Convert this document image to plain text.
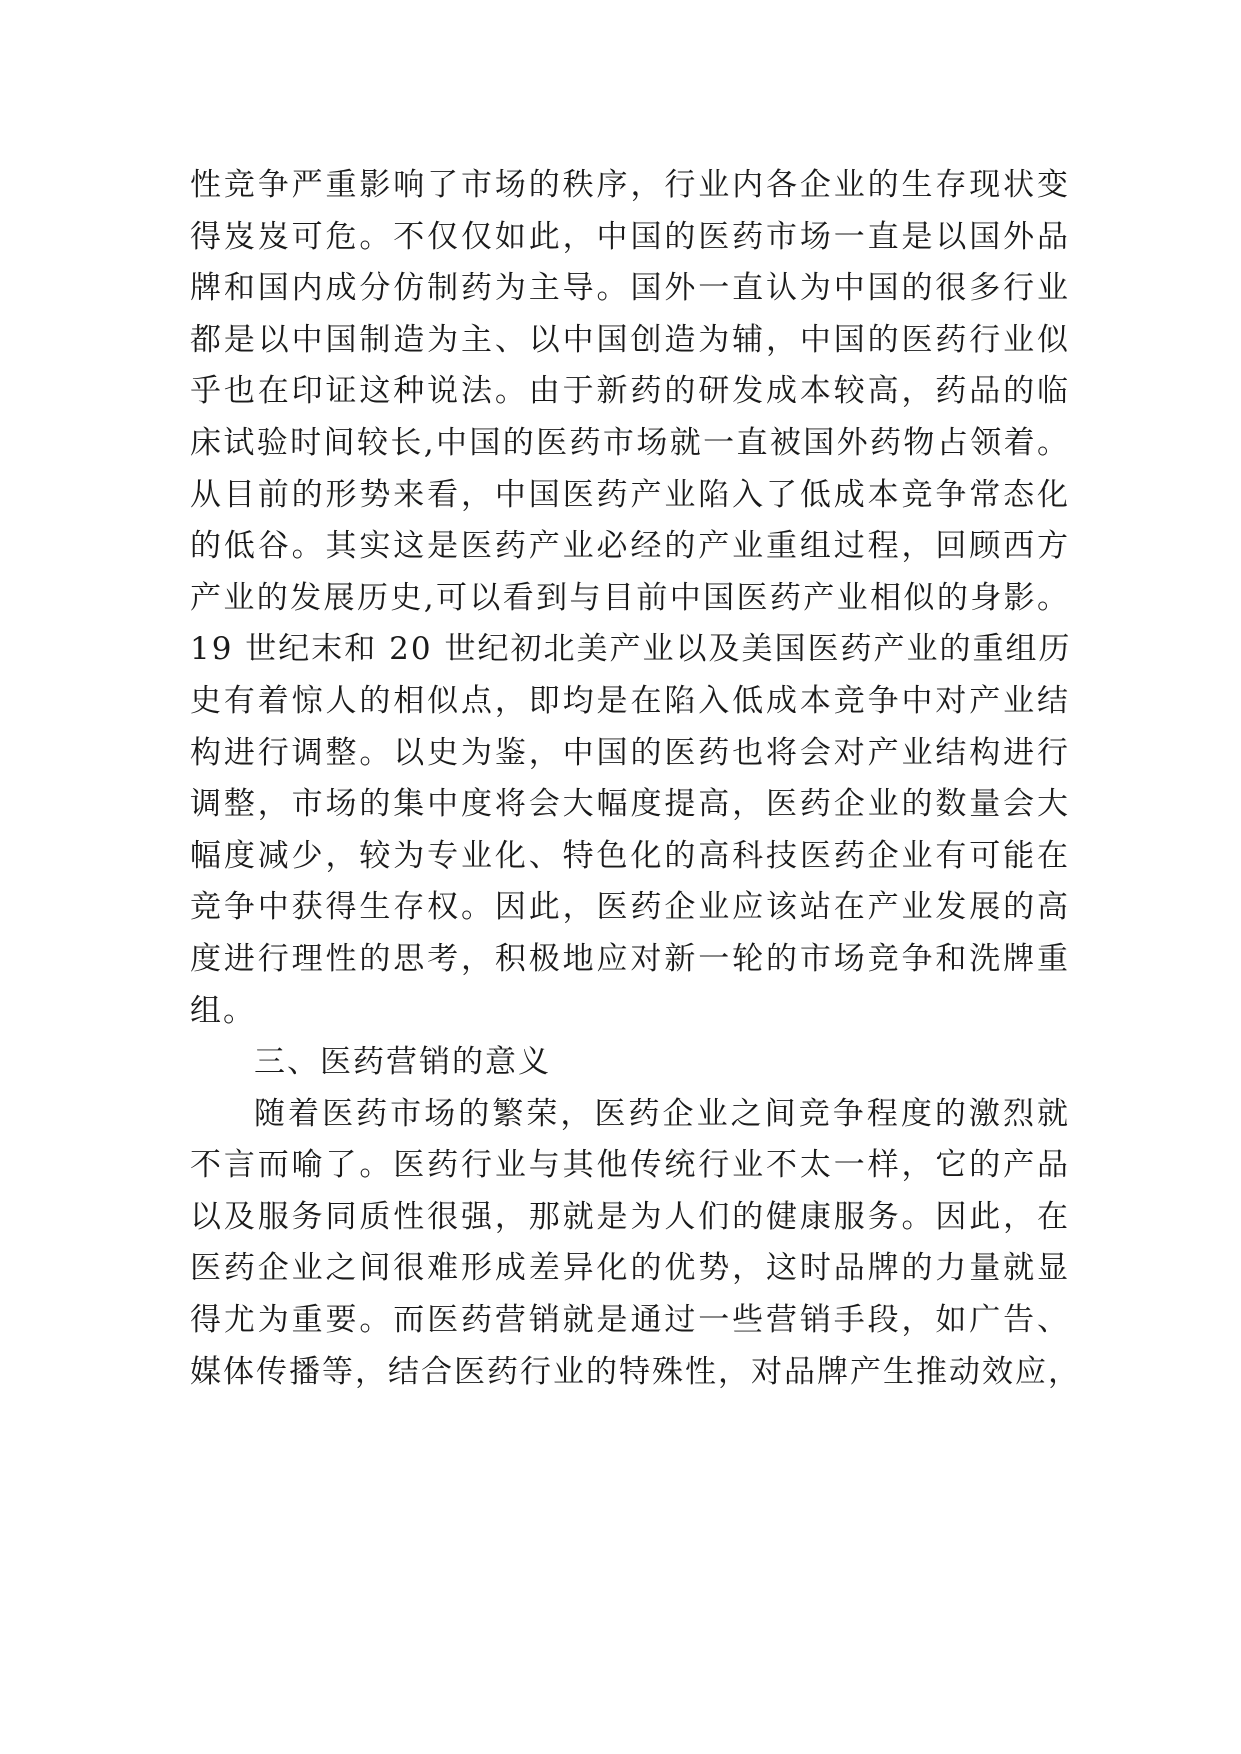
性竞争严重影响了市场的秩序，行业内各企业的生存现状变
得岌岌可危。不仅仅如此，中国的医药市场一直是以国外品
牌和国内成分仿制药为主导。国外一直认为中国的很多行业
都是以中国制造为主、以中国创造为辅，中国的医药行业似
乎也在印证这种说法。由于新药的研发成本较高，药品的临
床试验时间较长,中国的医药市场就一直被国外药物占领着。
从目前的形势来看，中国医药产业陷入了低成本竞争常态化
的低谷。其实这是医药产业必经的产业重组过程，回顾西方
产业的发展历史,可以看到与目前中国医药产业相似的身影。
19 世纪末和 20 世纪初北美产业以及美国医药产业的重组历
史有着惊人的相似点，即均是在陷入低成本竞争中对产业结
构进行调整。以史为鉴，中国的医药也将会对产业结构进行
调整，市场的集中度将会大幅度提高，医药企业的数量会大
幅度减少，较为专业化、特色化的高科技医药企业有可能在
竞争中获得生存权。因此，医药企业应该站在产业发展的高
度进行理性的思考，积极地应对新一轮的市场竞争和洗牌重
组。
三、医药营销的意义
随着医药市场的繁荣，医药企业之间竞争程度的激烈就
不言而喻了。医药行业与其他传统行业不太一样，它的产品
以及服务同质性很强，那就是为人们的健康服务。因此，在
医药企业之间很难形成差异化的优势，这时品牌的力量就显
得尤为重要。而医药营销就是通过一些营销手段，如广告、
媒体传播等，结合医药行业的特殊性，对品牌产生推动效应，
